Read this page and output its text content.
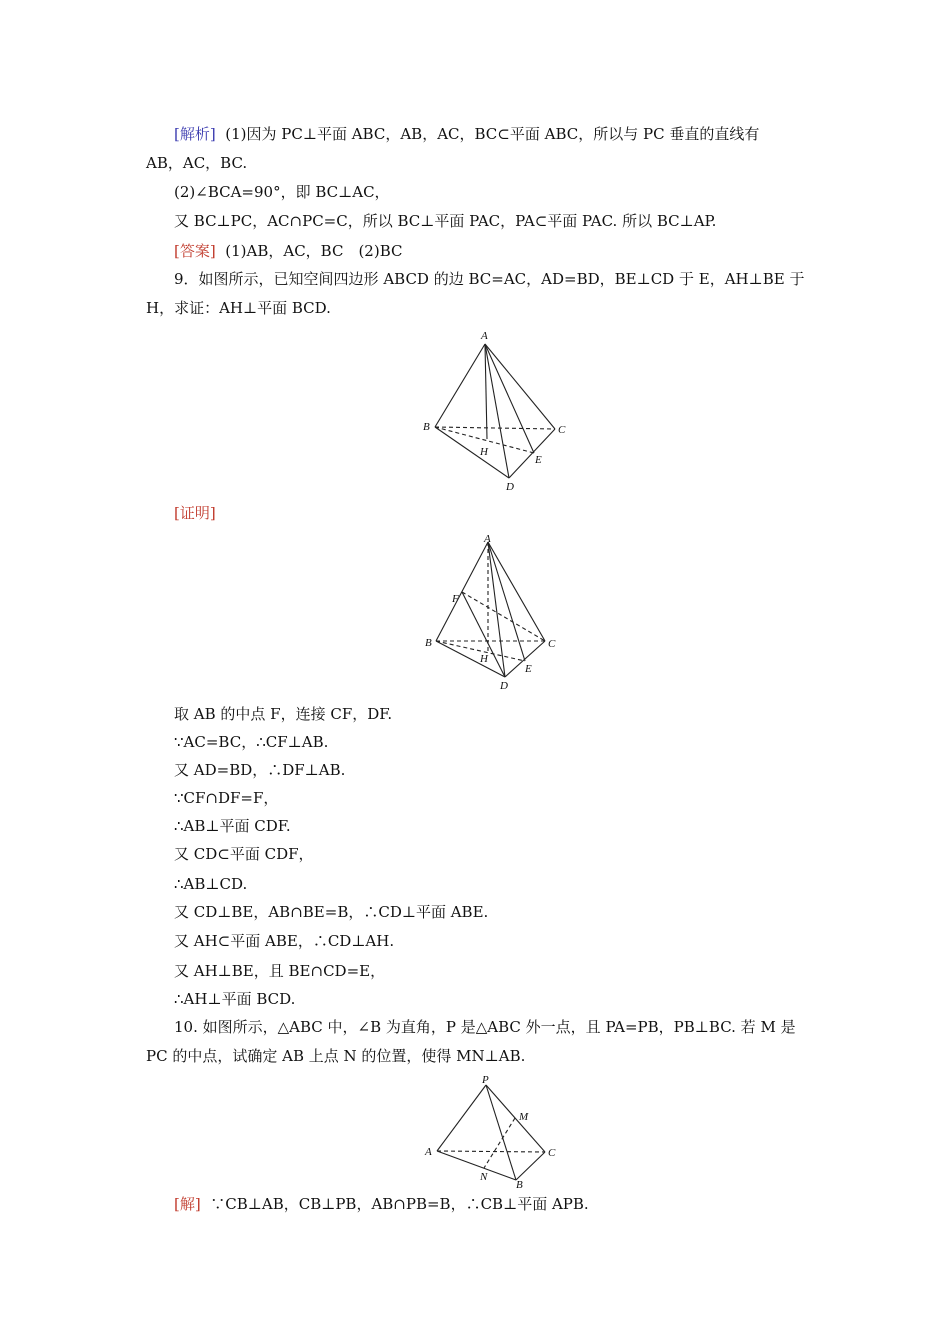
[解析] (1)因为 PC⊥平面 ABC，AB，AC，BC⊂平面 ABC，所以与 PC 垂直的直线有
AB，AC，BC.
(2)∠BCA=90°，即 BC⊥AC，
又 BC⊥PC，AC∩PC=C，所以 BC⊥平面 PAC，PA⊂平面 PAC. 所以 BC⊥AP.
[答案] (1)AB，AC，BC　(2)BC
9．如图所示，已知空间四边形 ABCD 的边 BC=AC，AD=BD，BE⊥CD 于 E，AH⊥BE 于
H，求证：AH⊥平面 BCD.
A
B	C
D
E
H
[证明]
A
F
B	C
D
E
H
取 AB 的中点 F，连接 CF，DF.
∵AC=BC，∴CF⊥AB.
又 AD=BD，∴DF⊥AB.
∵CF∩DF=F，
∴AB⊥平面 CDF.
又 CD⊂平面 CDF，
∴AB⊥CD.
又 CD⊥BE，AB∩BE=B，∴CD⊥平面 ABE.
又 AH⊂平面 ABE，∴CD⊥AH.
又 AH⊥BE，且 BE∩CD=E，
∴AH⊥平面 BCD.
10. 如图所示，△ABC 中，∠B 为直角，P 是△ABC 外一点，且 PA=PB，PB⊥BC. 若 M 是
PC 的中点，试确定 AB 上点 N 的位置，使得 MN⊥AB.
P
A	C
M
N
B
[解] ∵CB⊥AB，CB⊥PB，AB∩PB=B，∴CB⊥平面 APB.
